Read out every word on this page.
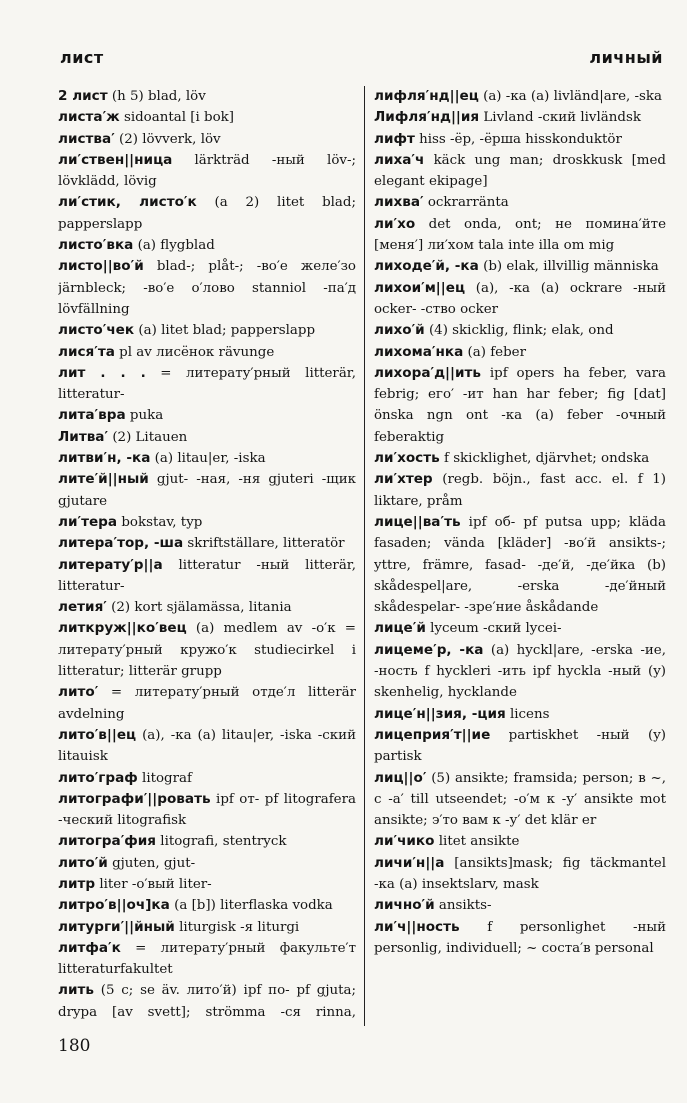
лист	личный

2 лист (h 5) blad, löv

листа′ж sidoantal [i bok]

листва′ (2) lövverk, löv

ли′ствен||ница lärkträd -ный löv-; lövklädd, lövig

ли′стик, листо′к (a 2) litet blad; papperslapp

листо′вка (a) flygblad

листо||во′й blad-; plåt-; -во′е желе′зо järnbleck; -во′е о′лово stanniol -па′д lövfällning

листо′чек (a) litet blad; papperslapp

лися′та pl av лисёнок rävunge

лит . . . = литерату′рный litterär, litteratur-

лита′вра puka

Литва′ (2) Litauen

литви′н, -ка (a) litau|er, -iska

лите′й||ный gjut- -ная, -ня gjuteri -щик gjutare

ли′тера bokstav, typ

литера′тор, -ша skriftställare, litteratör

литерату′р||а litteratur -ный litterär, litteratur-

летия′ (2) kort själamässa, litania

литкруж||ко′вец (a) medlem av -о′к = литерату′рный кружо′к studiecirkel i litteratur; litterär grupp

лито′ = литерату′рный отде′л litterär avdelning

лито′в||ец (a), -ка (a) litau|er, -iska -ский litauisk

лито′граф litograf

литографи′||ровать ipf от- pf litografera -ческий litografisk

литогра′фия litografi, stentryck

лито′й gjuten, gjut-

литр liter -о′вый liter-

литро′в||оч]ка (a [b]) literflaska vodka

литурги′||йный liturgisk -я liturgi

литфа′к = литерату′рный факульте′т litteraturfakultet

лить (5 c; se äv. лито′й) ipf по- pf gjuta; drypa [av svett]; strömma -ся rinna,

лифля′нд||ец (a) -ка (a) livländ|are, -ska

Лифля′нд||ия Livland -ский livländsk

лифт hiss -ёр, -ёрша hisskonduktör

лиха′ч käck ung man; droskkusk [med elegant ekipage]

лихва′ ockrarränta

ли′хо det onda, ont; не помина′йте [меня′] ли′хом tala inte illa om mig

лиходе′й, -ка (b) elak, illvillig människa

лихои′м||ец (a), -ка (a) ockrare -ный ocker- -ство ocker

лихо′й (4) skicklig, flink; elak, ond

лихома′нка (a) feber

лихора′д||ить ipf opers ha feber, vara febrig; его′ -ит han har feber; fig [dat] önska ngn ont -ка (a) feber -очный feberaktig

ли′хость f skicklighet, djärvhet; ondska

ли′хтер (regb. böjn., fast acc. el. f 1) liktare, pråm

лице||ва′ть ipf об- pf putsa upp; kläda fasaden; vända [kläder] -во′й ansikts-; yttre, främre, fasad- -де′й, -де′йка (b) skådespel|are, -erska -де′йный skådespelar- -зре′ние åskådande

лице′й lyceum -ский lycei-

лицеме′р, -ка (a) hyckl|are, -erska -ие, -ность f hyckleri -ить ipf hyckla -ный (y) skenhelig, hycklande

лице′н||зия, -ция licens

лицеприя′т||ие partiskhet -ный (y) partisk

лиц||о′ (5) ansikte; framsida; person; в ~, с -а′ till utseendet; -о′м к -у′ ansikte mot ansikte; э′то вам к -у′ det klär er

ли′чико litet ansikte

личи′н||а [ansikts]mask; fig täckmantel -ка (a) insektslarv, mask

лично′й ansikts-

ли′ч||ность f personlighet -ный personlig, individuell; ~ соста′в personal

180
